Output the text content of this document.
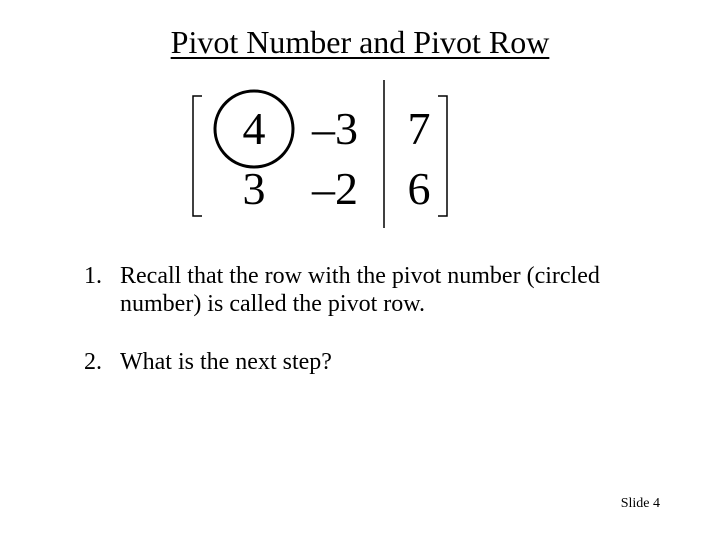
Pivot Number and Pivot Row
4	–3	7
3	–2	6
1. Recall that the row with the pivot number (circled number) is called the pivot row.
2. What is the next step?
Slide 4
